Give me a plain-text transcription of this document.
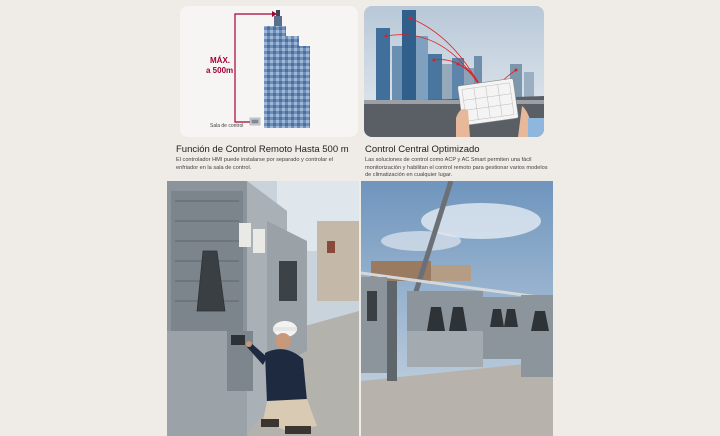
MÁX.
a 500m
Sala de control
Función de Control Remoto Hasta 500 m
El controlador HMI puede instalarse por separado y controlar el enfriador en la sala de control.
Control Central Optimizado
Las soluciones de control como ACP y AC Smart permiten una fácil monitorización y habilitan el control remoto para gestionar varios modelos de climatización en cualquier lugar.
